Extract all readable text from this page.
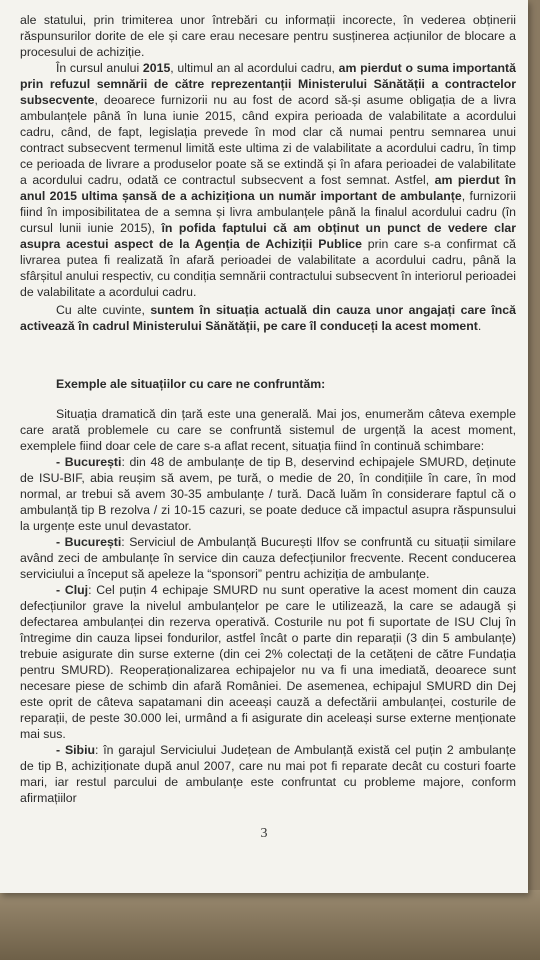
ale statului, prin trimiterea unor întrebări cu informații incorecte, în vederea obținerii răspunsurilor dorite de ele și care erau necesare pentru susținerea acțiunilor de blocare a procesului de achiziție.

În cursul anului 2015, ultimul an al acordului cadru, am pierdut o suma importantă prin refuzul semnării de către reprezentanții Ministerului Sănătății a contractelor subsecvente, deoarece furnizorii nu au fost de acord să-și asume obligația de a livra ambulanțele până în luna iunie 2015, când expira perioada de valabilitate a acordului cadru, când, de fapt, legislația prevede în mod clar că numai pentru semnarea unui contract subsecvent termenul limită este ultima zi de valabilitate a acordului cadru, în timp ce perioada de livrare a produselor poate să se extindă și în afara perioadei de valabilitate a acordului cadru, odată ce contractul subsecvent a fost semnat. Astfel, am pierdut în anul 2015 ultima șansă de a achiziționa un număr important de ambulanțe, furnizorii fiind în imposibilitatea de a semna și livra ambulanțele până la finalul acordului cadru (în cursul lunii iunie 2015), în pofida faptului că am obținut un punct de vedere clar asupra acestui aspect de la Agenția de Achiziții Publice prin care s-a confirmat că livrarea putea fi realizată în afară perioadei de valabilitate a acordului cadru, până la sfârșitul anului respectiv, cu condiția semnării contractului subsecvent în interiorul perioadei de valabilitate a acordului cadru.

Cu alte cuvinte, suntem în situația actuală din cauza unor angajați care încă activează în cadrul Ministerului Sănătății, pe care îl conduceți la acest moment.

Exemple ale situațiilor cu care ne confruntăm:

Situația dramatică din țară este una generală. Mai jos, enumerăm câteva exemple care arată problemele cu care se confruntă sistemul de urgență la acest moment, exemplele fiind doar cele de care s-a aflat recent, situația fiind în continuă schimbare:

- București: din 48 de ambulanțe de tip B, deservind echipajele SMURD, deținute de ISU-BIF, abia reușim să avem, pe tură, o medie de 20, în condițiile în care, în mod normal, ar trebui să avem 30-35 ambulanțe / tură. Dacă luăm în considerare faptul că o ambulanță tip B rezolva / zi 10-15 cazuri, se poate deduce că impactul asupra răspunsului la urgențe este unul devastator.

- București: Serviciul de Ambulanță București Ilfov se confruntă cu situații similare având zeci de ambulanțe în service din cauza defecțiunilor frecvente. Recent conducerea serviciului a început să apeleze la “sponsori” pentru achiziția de ambulanțe.

- Cluj: Cel puțin 4 echipaje SMURD nu sunt operative la acest moment din cauza defecțiunilor grave la nivelul ambulanțelor pe care le utilizează, la care se adaugă și defectarea ambulanței din rezerva operativă. Costurile nu pot fi suportate de ISU Cluj în întregime din cauza lipsei fondurilor, astfel încât o parte din reparații (3 din 5 ambulanțe) trebuie asigurate din surse externe (din cei 2% colectați de la cetățeni de către Fundația pentru SMURD). Reoperaționalizarea echipajelor nu va fi una imediată, deoarece sunt necesare piese de schimb din afară României. De asemenea, echipajul SMURD din Dej este oprit de câteva sapatamani din aceeași cauză a defectării ambulanței, costurile de reparații, de peste 30.000 lei, urmând a fi asigurate din aceleași surse externe menționate mai sus.

- Sibiu: în garajul Serviciului Județean de Ambulanță există cel puțin 2 ambulanțe de tip B, achiziționate după anul 2007, care nu mai pot fi reparate decât cu costuri foarte mari, iar restul parcului de ambulanțe este confruntat cu probleme majore, conform afirmațiilor

3
